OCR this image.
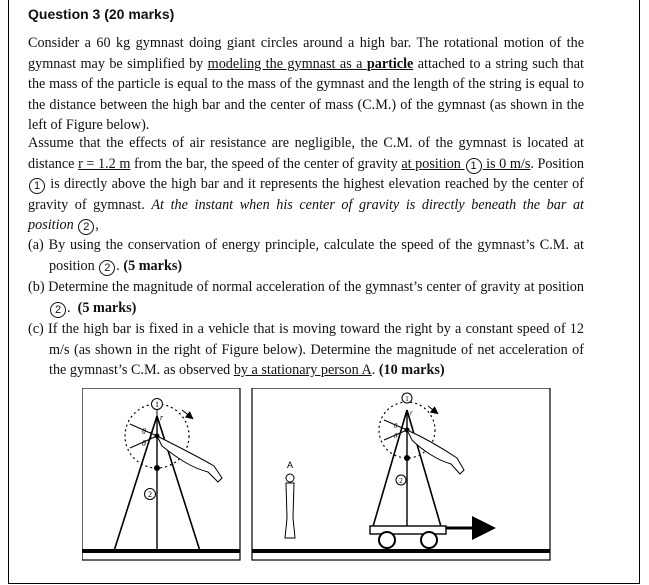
Question 3 (20 marks)
Consider a 60 kg gymnast doing giant circles around a high bar. The rotational motion of the gymnast may be simplified by modeling the gymnast as a particle attached to a string such that the mass of the particle is equal to the mass of the gymnast and the length of the string is equal to the distance between the high bar and the center of mass (C.M.) of the gymnast (as shown in the left of Figure below).
Assume that the effects of air resistance are negligible, the C.M. of the gymnast is located at distance r = 1.2 m from the bar, the speed of the center of gravity at position 1 is 0 m/s. Position 1 is directly above the high bar and it represents the highest elevation reached by the center of gravity of gymnast. At the instant when his center of gravity is directly beneath the bar at position 2 ,
(a) By using the conservation of energy principle, calculate the speed of the gymnast’s C.M. at position 2 . (5 marks)
(b) Determine the magnitude of normal acceleration of the gymnast’s center of gravity at position 2 .  (5 marks)
(c) If the high bar is fixed in a vehicle that is moving toward the right by a constant speed of 12 m/s (as shown in the right of Figure below). Determine the magnitude of net acceleration of the gymnast’s C.M. as observed by a stationary person A. (10 marks)
θ
θ
r
1
2
A
θ
θ
r
1
2
